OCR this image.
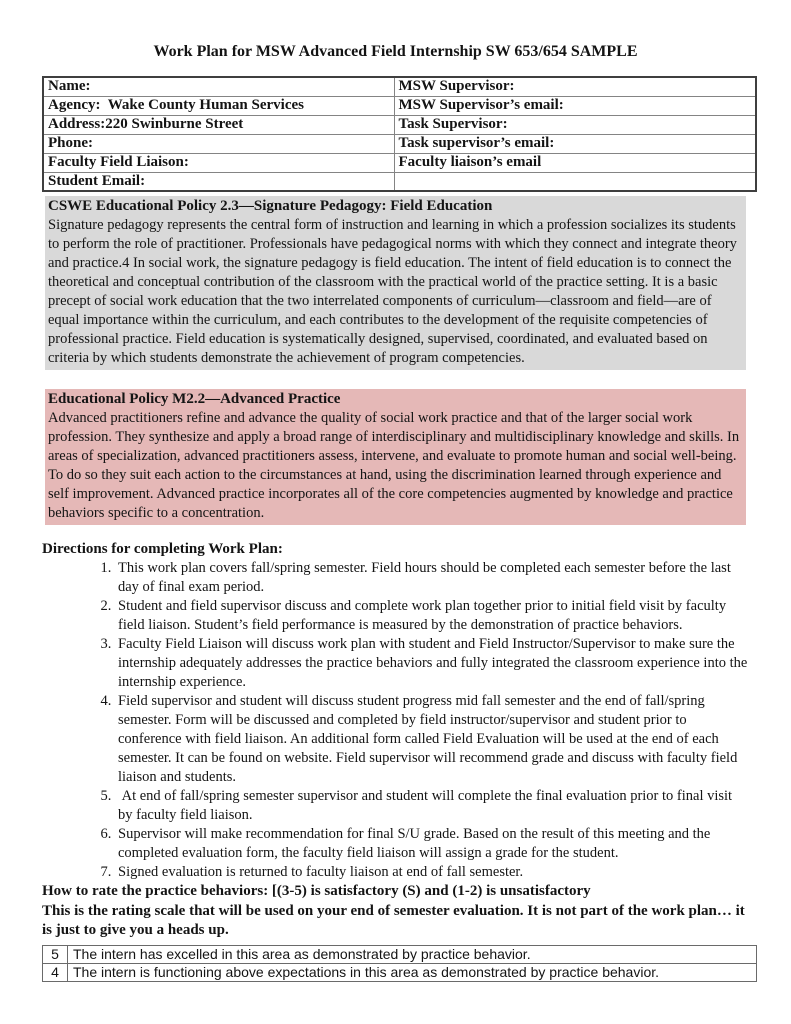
Work Plan for MSW Advanced Field Internship SW 653/654 SAMPLE
Name:	MSW Supervisor:
Agency:  Wake County Human Services	MSW Supervisor’s email:
Address:220 Swinburne Street	Task Supervisor:
Phone:	Task supervisor’s email:
Faculty Field Liaison:	Faculty liaison’s email
Student Email:	
CSWE Educational Policy 2.3—Signature Pedagogy: Field Education
Signature pedagogy represents the central form of instruction and learning in which a profession socializes its students to perform the role of practitioner. Professionals have pedagogical norms with which they connect and integrate theory and practice.4 In social work, the signature pedagogy is field education. The intent of field education is to connect the theoretical and conceptual contribution of the classroom with the practical world of the practice setting. It is a basic precept of social work education that the two interrelated components of curriculum—classroom and field—are of equal importance within the curriculum, and each contributes to the development of the requisite competencies of professional practice. Field education is systematically designed, supervised, coordinated, and evaluated based on criteria by which students demonstrate the achievement of program competencies.
Educational Policy M2.2—Advanced Practice
Advanced practitioners refine and advance the quality of social work practice and that of the larger social work profession. They synthesize and apply a broad range of interdisciplinary and multidisciplinary knowledge and skills. In areas of specialization, advanced practitioners assess, intervene, and evaluate to promote human and social well-being. To do so they suit each action to the circumstances at hand, using the discrimination learned through experience and self improvement. Advanced practice incorporates all of the core competencies augmented by knowledge and practice behaviors specific to a concentration.
Directions for completing Work Plan:
1. This work plan covers fall/spring semester. Field hours should be completed each semester before the last day of final exam period.
2. Student and field supervisor discuss and complete work plan together prior to initial field visit by faculty field liaison. Student’s field performance is measured by the demonstration of practice behaviors.
3. Faculty Field Liaison will discuss work plan with student and Field Instructor/Supervisor to make sure the internship adequately addresses the practice behaviors and fully integrated the classroom experience into the internship experience.
4. Field supervisor and student will discuss student progress mid fall semester and the end of fall/spring semester. Form will be discussed and completed by field instructor/supervisor and student prior to conference with field liaison. An additional form called Field Evaluation will be used at the end of each semester. It can be found on website. Field supervisor will recommend grade and discuss with faculty field liaison and students.
5.  At end of fall/spring semester supervisor and student will complete the final evaluation prior to final visit by faculty field liaison.
6. Supervisor will make recommendation for final S/U grade. Based on the result of this meeting and the completed evaluation form, the faculty field liaison will assign a grade for the student.
7. Signed evaluation is returned to faculty liaison at end of fall semester.

How to rate the practice behaviors: [(3-5) is satisfactory (S) and (1-2) is unsatisfactory

This is the rating scale that will be used on your end of semester evaluation. It is not part of the work plan… it is just to give you a heads up.

5	The intern has excelled in this area as demonstrated by practice behavior.
4	The intern is functioning above expectations in this area as demonstrated by practice behavior.
